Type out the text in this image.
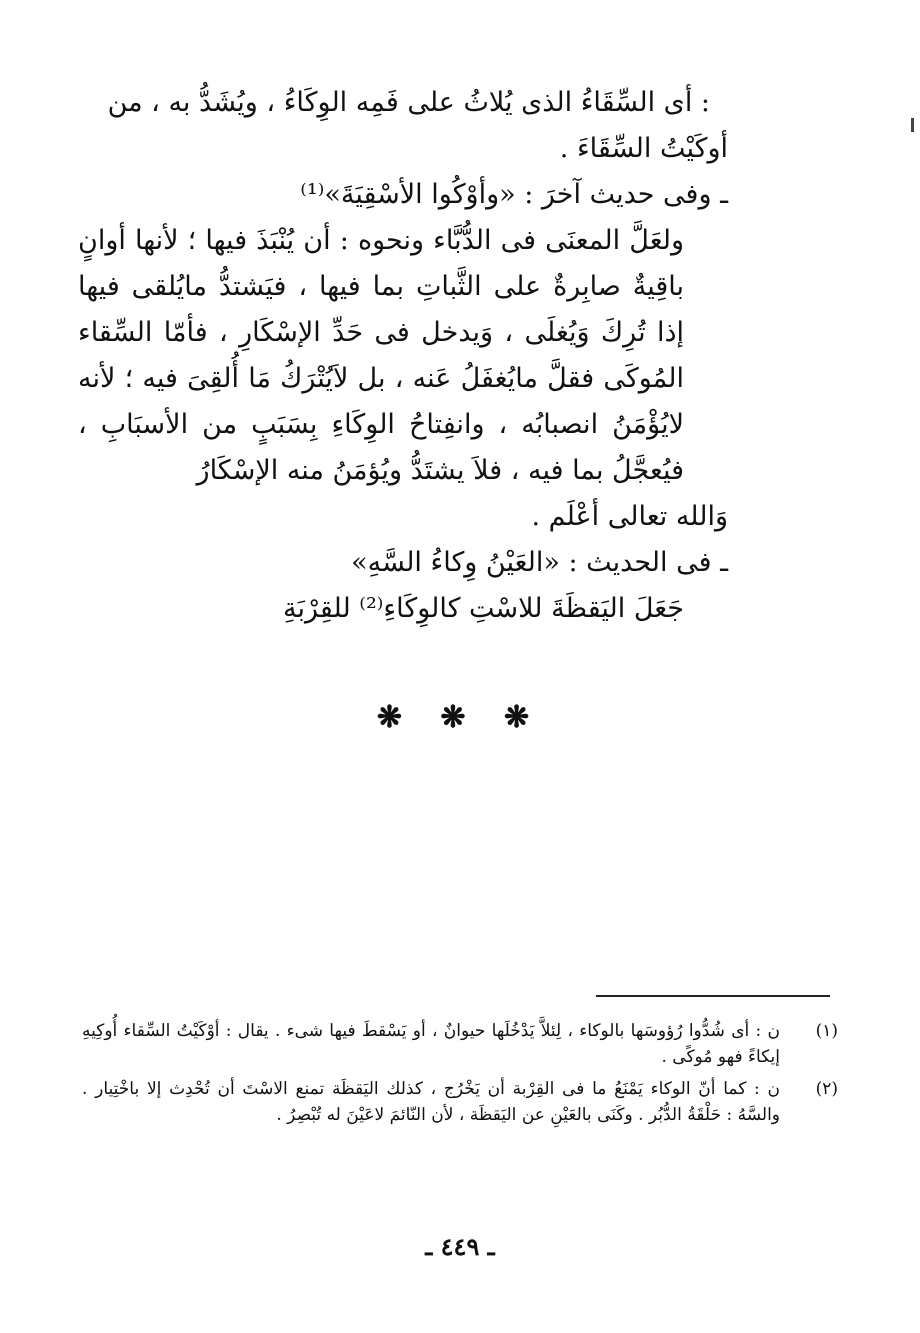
: أى السِّقَاءُ الذى يُلاثُ على فَمِه الوِكَاءُ ، ويُشَدُّ به ، من

أوكَيْتُ السِّقَاءَ .

ـ وفى حديث آخرَ : «وأوْكُوا الأسْقِيَةَ»⁽¹⁾

ولعَلَّ المعنَى فى الدُّبَّاء ونحوه : أن يُنْبَذَ فيها ؛ لأنها أوانٍ باقِيةٌ صابِرةٌ على الثَّباتِ بما فيها ، فيَشتدُّ مايُلقى فيها إذا تُرِكَ وَيُغلَى ، وَيدخل فى حَدِّ الإسْكَارِ ، فأمّا السِّقاء المُوكَى فقلَّ مايُغفَلُ عَنه ، بل لاَيُتْرَكُ مَا أُلقِىَ فيه ؛ لأنه لايُؤْمَنُ انصبابُه ، وانفِتاحُ الوِكَاءِ بِسَبَبٍ من الأسبَابِ ، فيُعجَّلُ بما فيه ، فلاَ يشتَدُّ ويُؤمَنُ منه الإسْكَارُ

وَالله تعالى أعْلَم .

ـ فى الحديث : «العَيْنُ وِكاءُ السَّهِ»

جَعَلَ اليَقظَةَ للاسْتِ كالوِكَاءِ⁽²⁾ للقِرْبَةِ

❋ ❋ ❋
(١)
ن : أى شُدُّوا رُؤوسَها بالوكاء ، لِئلاَّ يَدْخُلَها حيوانٌ ، أو يَسْقطَ فيها شىء . يقال : أوْكَيْتُ السِّقاء أُوكِيهِ إيكاءً فهو مُوكًى .
(٢)
ن : كما أنّ الوكاء يَمْنَعُ ما فى القِرْبة أن يَخْرُج ، كذلك اليَقظَة تمنع الاسْتَ أن تُحْدِث إلا باخْتِيار . والسَّهُ : حَلْقَةُ الدُّبُر . وكَنَى بالعَيْنِ عن اليَقظَة ، لأن النّائمَ لاعَيْنَ له تُبْصِرُ .
ـ ٤٤٩ ـ
